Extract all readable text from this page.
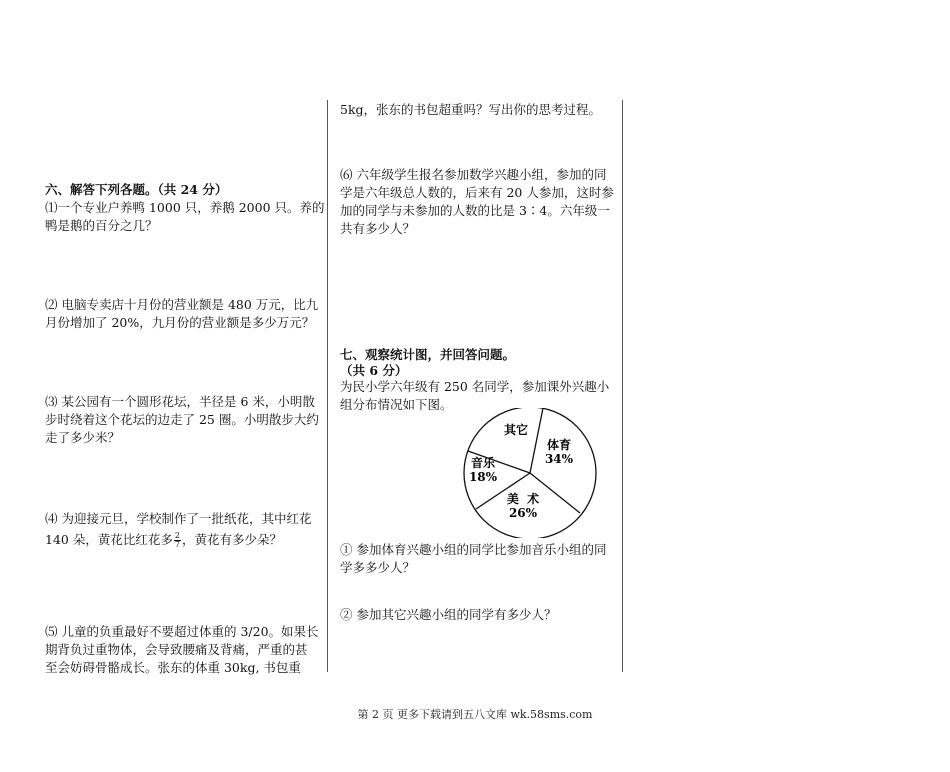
六、解答下列各题。（共 24 分）
⑴一个专业户养鸭 1000 只，养鹅 2000 只。养的
鸭是鹅的百分之几？
⑵ 电脑专卖店十月份的营业额是 480 万元，比九
月份增加了 20%，九月份的营业额是多少万元？
⑶ 某公园有一个圆形花坛，半径是 6 米，小明散
步时绕着这个花坛的边走了 25 圈。小明散步大约
走了多少米？
⑷ 为迎接元旦，学校制作了一批纸花，其中红花
140 朵，黄花比红花多 $\frac{2}{7}$ ，黄花有多少朵？
⑸ 儿童的负重最好不要超过体重的 3/20。如果长
期背负过重物体，会导致腰痛及背痛，严重的甚
至会妨碍骨骼成长。张东的体重 30kg, 书包重
5kg，张东的书包超重吗？写出你的思考过程。
⑹ 六年级学生报名参加数学兴趣小组，参加的同
学是六年级总人数的，后来有 20 人参加，这时参
加的同学与未参加的人数的比是 3∶4。六年级一
共有多少人？
七、观察统计图，并回答问题。
（共 6 分）
为民小学六年级有 250 名同学，参加课外兴趣小
组分布情况如下图。
其它
体育
34%
音乐
18%
美  术
26%
① 参加体育兴趣小组的同学比参加音乐小组的同
学多多少人？
② 参加其它兴趣小组的同学有多少人？
第 2 页 更多下载请到五八文库 wk.58sms.com
